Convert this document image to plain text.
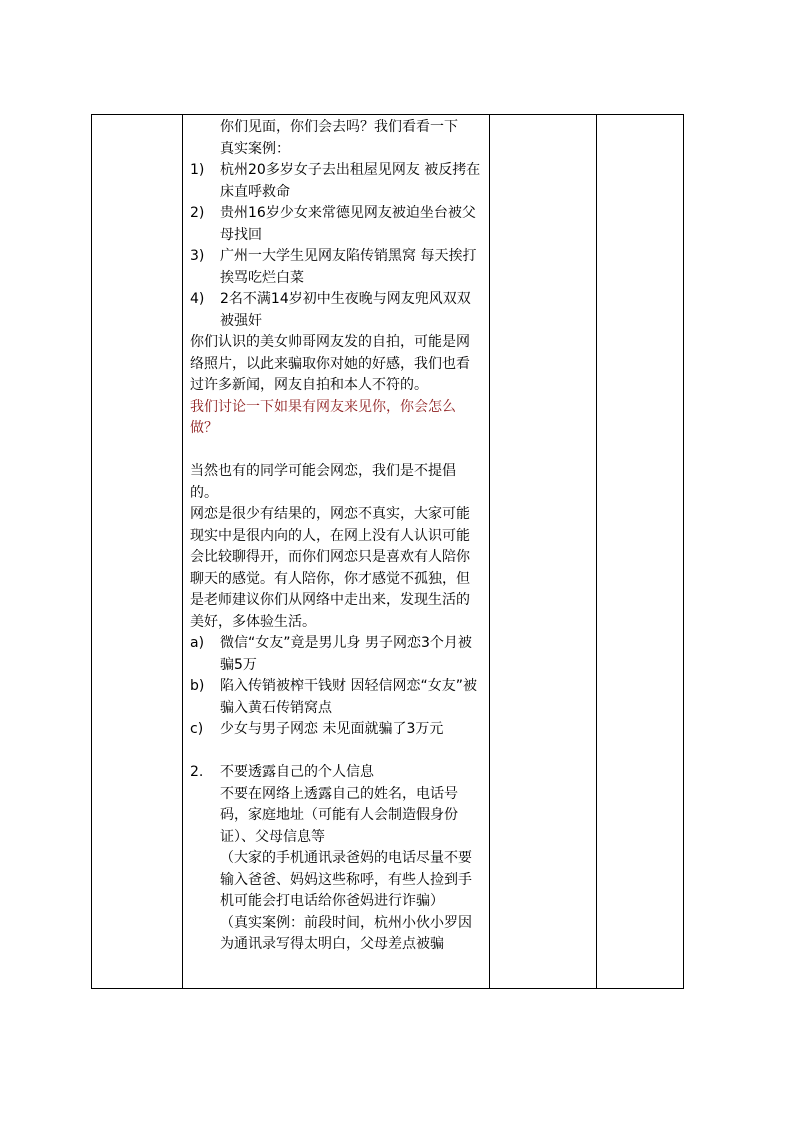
你们见面，你们会去吗？我们看看一下

真实案例：

1)	杭州20多岁女子去出租屋见网友 被反拷在床直呼救命
2)	贵州16岁少女来常德见网友被迫坐台被父母找回
3)	广州一大学生见网友陷传销黑窝 每天挨打挨骂吃烂白菜
4)	2名不满14岁初中生夜晚与网友兜风双双被强奸

你们认识的美女帅哥网友发的自拍，可能是网络照片，以此来骗取你对她的好感，我们也看过许多新闻，网友自拍和本人不符的。

我们讨论一下如果有网友来见你，你会怎么做？

当然也有的同学可能会网恋，我们是不提倡的。

网恋是很少有结果的，网恋不真实，大家可能现实中是很内向的人，在网上没有人认识可能会比较聊得开，而你们网恋只是喜欢有人陪你聊天的感觉。有人陪你，你才感觉不孤独，但是老师建议你们从网络中走出来，发现生活的美好，多体验生活。

a)	微信“女友”竟是男儿身 男子网恋3个月被骗5万
b)	陷入传销被榨干钱财 因轻信网恋“女友”被骗入黄石传销窝点
c)	少女与男子网恋 未见面就骗了3万元
2.	不要透露自己的个人信息

不要在网络上透露自己的姓名，电话号码，家庭地址（可能有人会制造假身份证）、父母信息等

（大家的手机通讯录爸妈的电话尽量不要输入爸爸、妈妈这些称呼，有些人捡到手机可能会打电话给你爸妈进行诈骗）

（真实案例：前段时间，杭州小伙小罗因为通讯录写得太明白，父母差点被骗
